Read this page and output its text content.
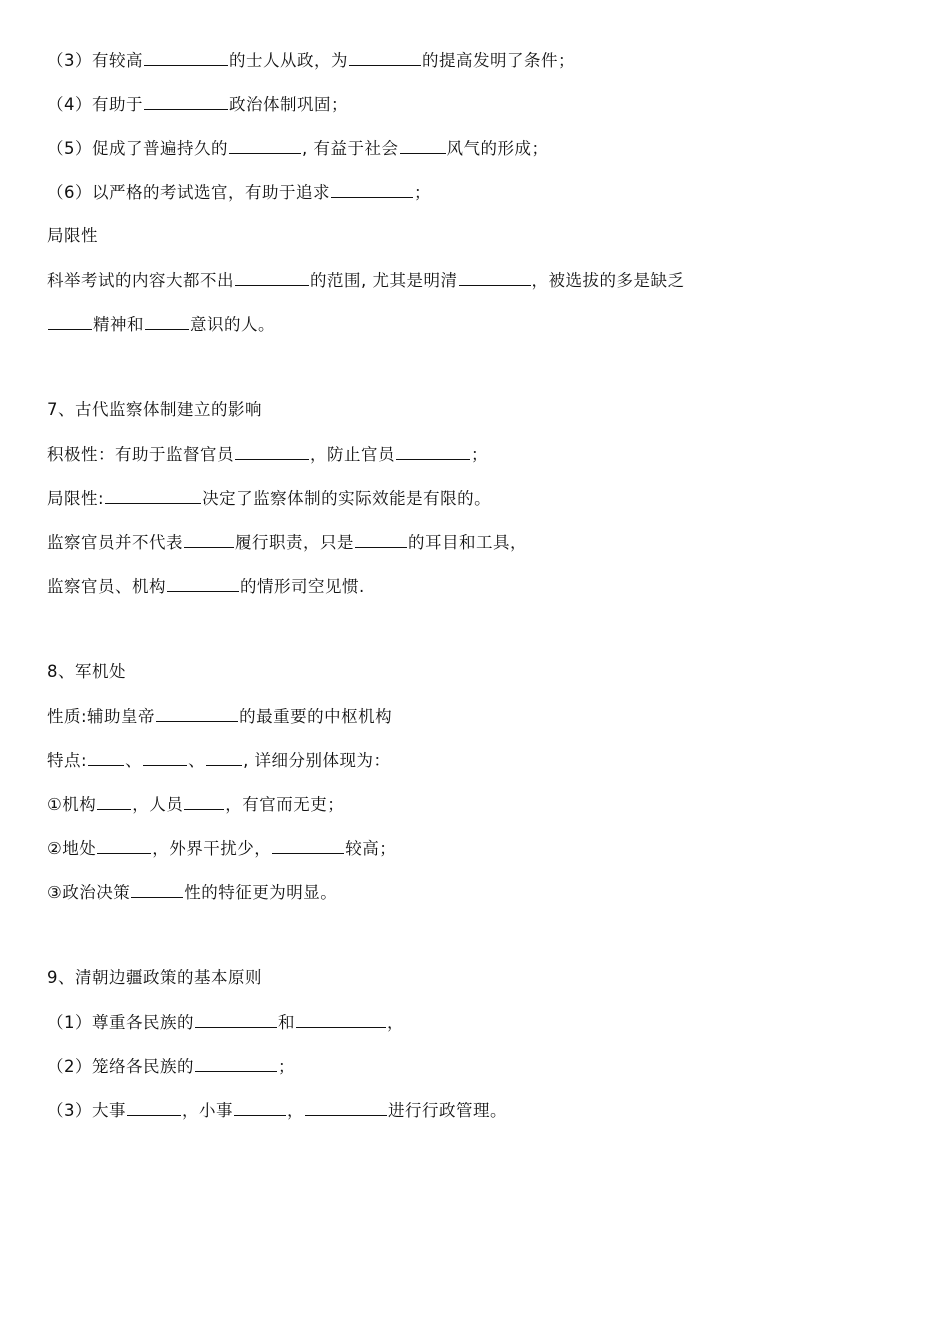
（3）有较高	的士人从政，为	的提高发明了条件；
（4）有助于	政治体制巩固；
（5）促成了普遍持久的	, 有益于社会	风气的形成；
（6）以严格的考试选官，有助于追求	；
局限性
科举考试的内容大都不出	的范围, 尤其是明清	，被选拔的多是缺乏
精神和	意识的人。
7、古代监察体制建立的影响
积极性：有助于监督官员	，防止官员	；
局限性:	决定了监察体制的实际效能是有限的。
监察官员并不代表	履行职责，只是	的耳目和工具，
监察官员、机构	的情形司空见惯.
8、军机处
性质:辅助皇帝	的最重要的中枢机构
特点: 、	、 , 详细分别体现为：
①机构 ，人员	，有官而无吏；
②地处	，外界干扰少，	较高；
③政治决策	性的特征更为明显。
9、清朝边疆政策的基本原则
（1）尊重各民族的	和	，
（2）笼络各民族的	；
（3）大事	，小事	，	进行行政管理。
